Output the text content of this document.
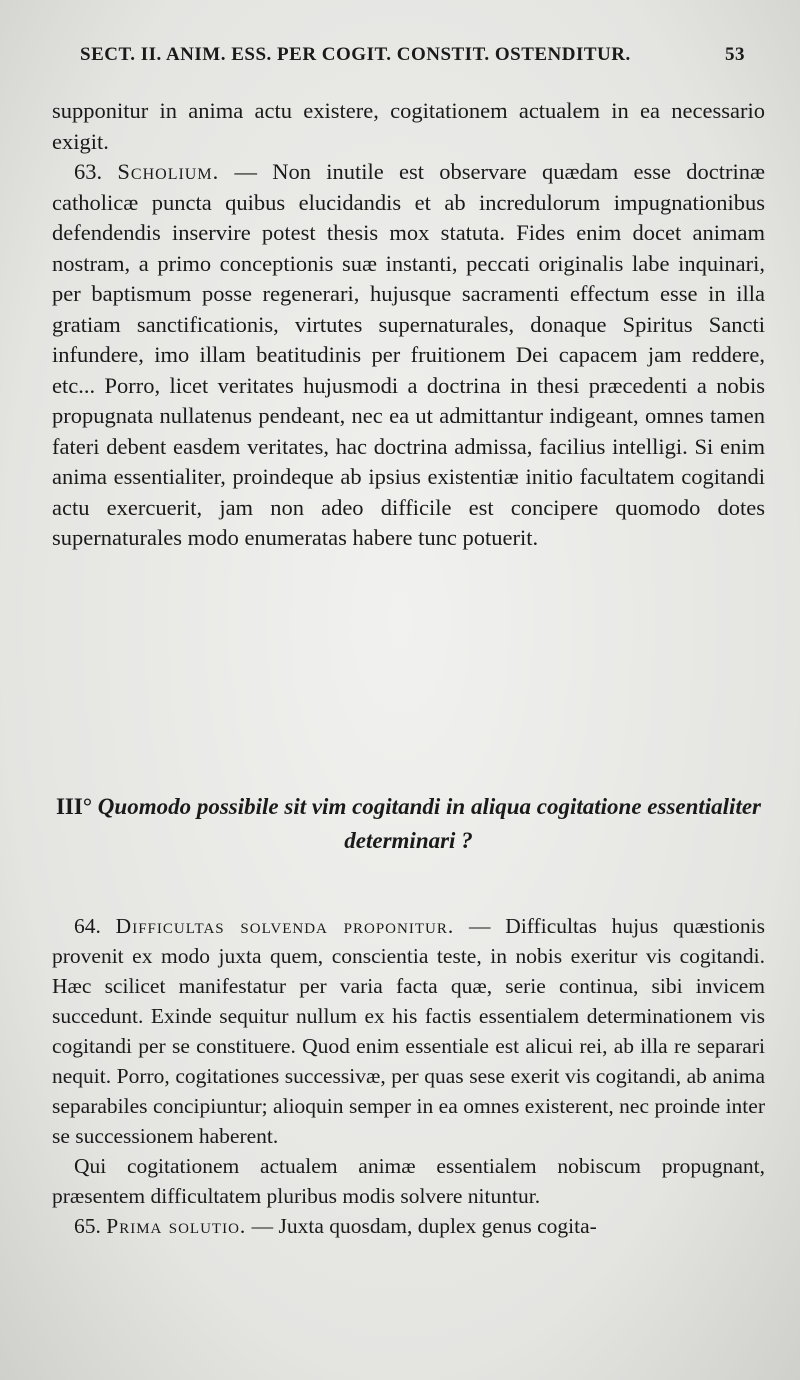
SECT. II. ANIM. ESS. PER COGIT. CONSTIT. OSTENDITUR.	53

supponitur in anima actu existere, cogitationem actualem in ea necessario exigit.

63. Scholium. — Non inutile est observare quædam esse doctrinæ catholicæ puncta quibus elucidandis et ab incredulorum impugnationibus defendendis inservire potest thesis mox statuta. Fides enim docet animam nostram, a primo conceptionis suæ instanti, peccati originalis labe inquinari, per baptismum posse regenerari, hujusque sacramenti effectum esse in illa gratiam sanctificationis, virtutes supernaturales, donaque Spiritus Sancti infundere, imo illam beatitudinis per fruitionem Dei capacem jam reddere, etc... Porro, licet veritates hujusmodi a doctrina in thesi præcedenti a nobis propugnata nullatenus pendeant, nec ea ut admittantur indigeant, omnes tamen fateri debent easdem veritates, hac doctrina admissa, facilius intelligi. Si enim anima essentialiter, proindeque ab ipsius existentiæ initio facultatem cogitandi actu exercuerit, jam non adeo difficile est concipere quomodo dotes supernaturales modo enumeratas habere tunc potuerit.

III° Quomodo possibile sit vim cogitandi in aliqua cogitatione essentialiter determinari ?

64. Difficultas solvenda proponitur. — Difficultas hujus quæstionis provenit ex modo juxta quem, conscientia teste, in nobis exeritur vis cogitandi. Hæc scilicet manifestatur per varia facta quæ, serie continua, sibi invicem succedunt. Exinde sequitur nullum ex his factis essentialem determinationem vis cogitandi per se constituere. Quod enim essentiale est alicui rei, ab illa re separari nequit. Porro, cogitationes successivæ, per quas sese exerit vis cogitandi, ab anima separabiles concipiuntur; alioquin semper in ea omnes existerent, nec proinde inter se successionem haberent.

Qui cogitationem actualem animæ essentialem nobiscum propugnant, præsentem difficultatem pluribus modis solvere nituntur.

65. Prima solutio. — Juxta quosdam, duplex genus cogita-
